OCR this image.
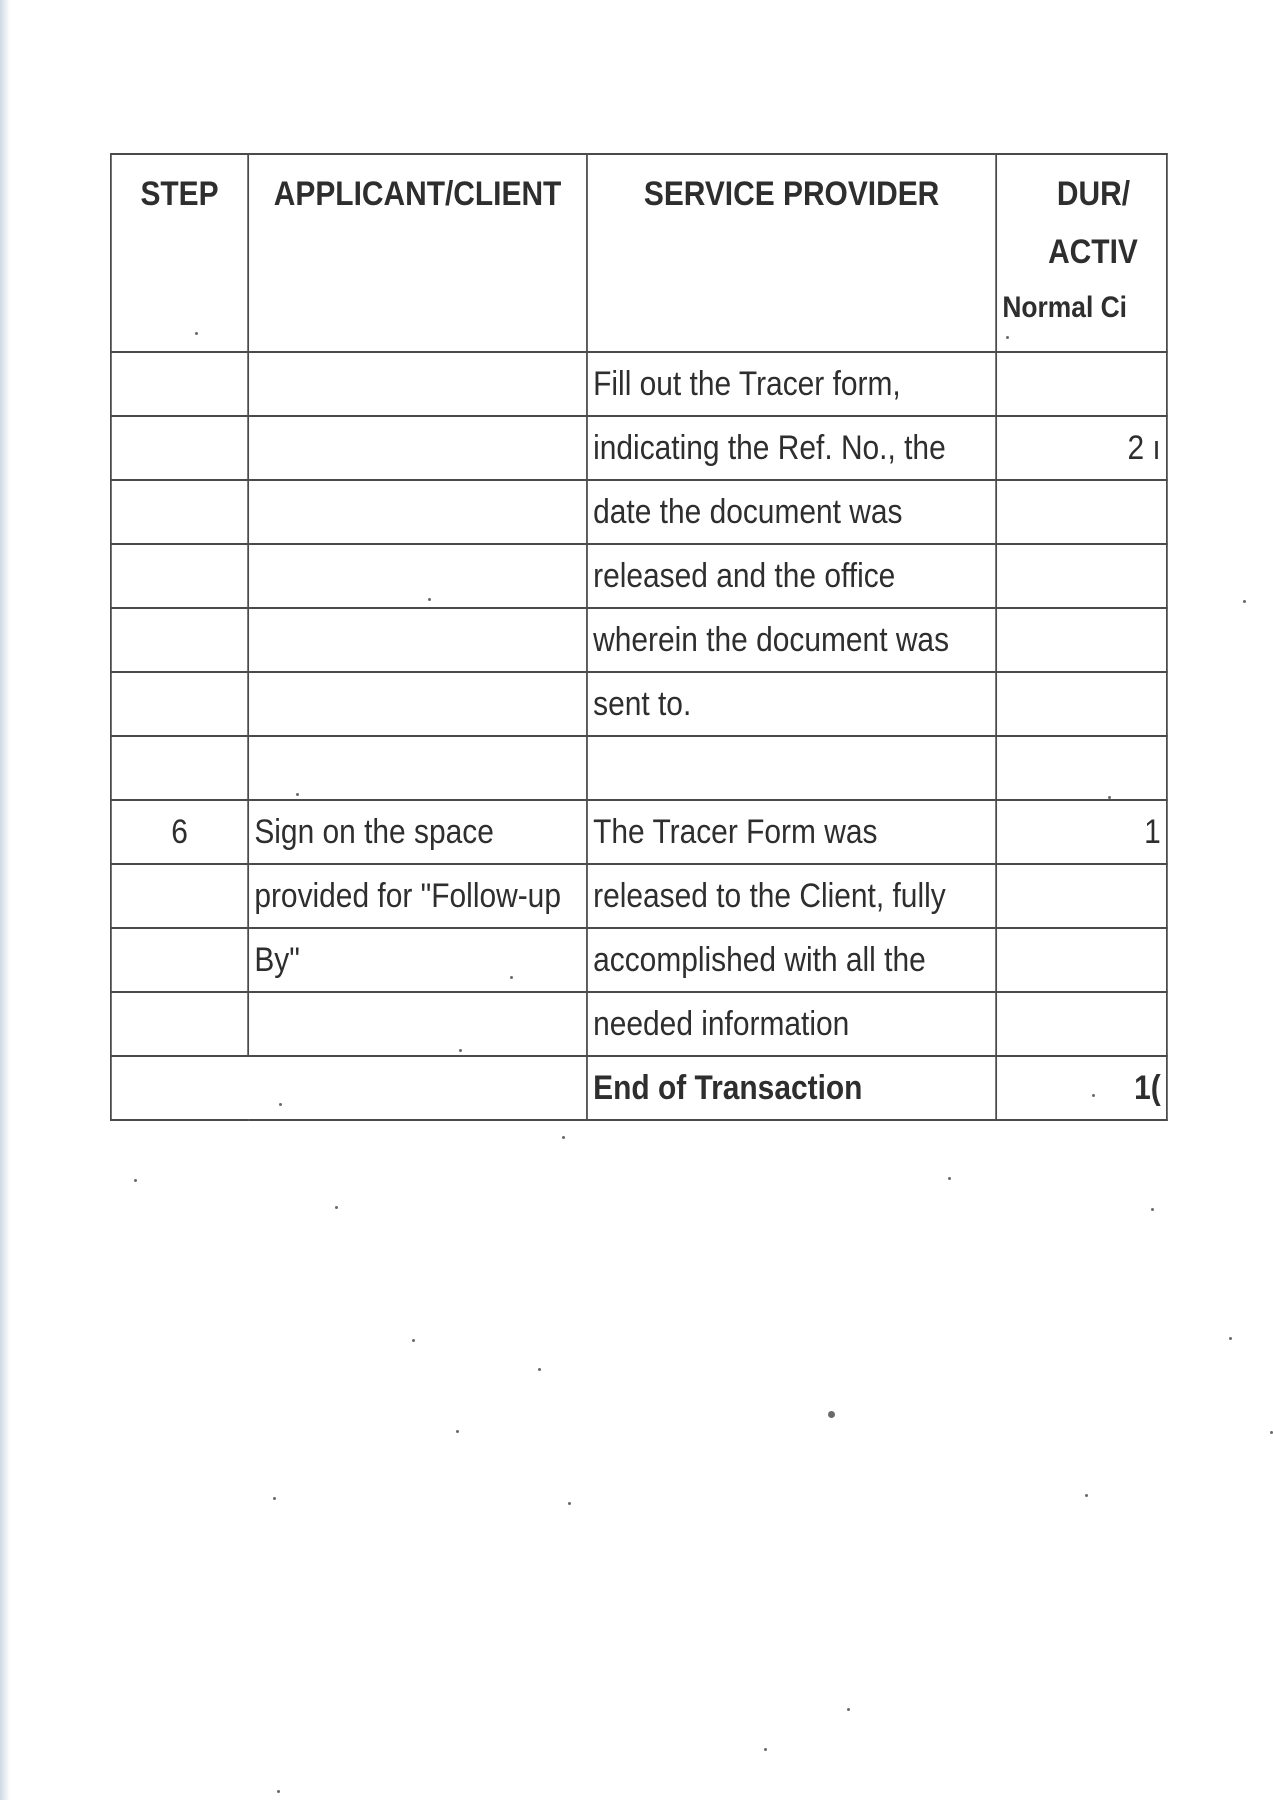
STEP	APPLICANT/CLIENT	SERVICE PROVIDER	DUR/
ACTIV
Normal Ci

		Fill out the Tracer form,	
		indicating the Ref. No., the	2 ı
		date the document was	
		released and the office	
		wherein the document was	
		sent to.	

6	Sign on the space	The Tracer Form was	1
	provided for "Follow-up	released to the Client, fully	
	By"	accomplished with all the	
		needed information	
		End of Transaction	1(
